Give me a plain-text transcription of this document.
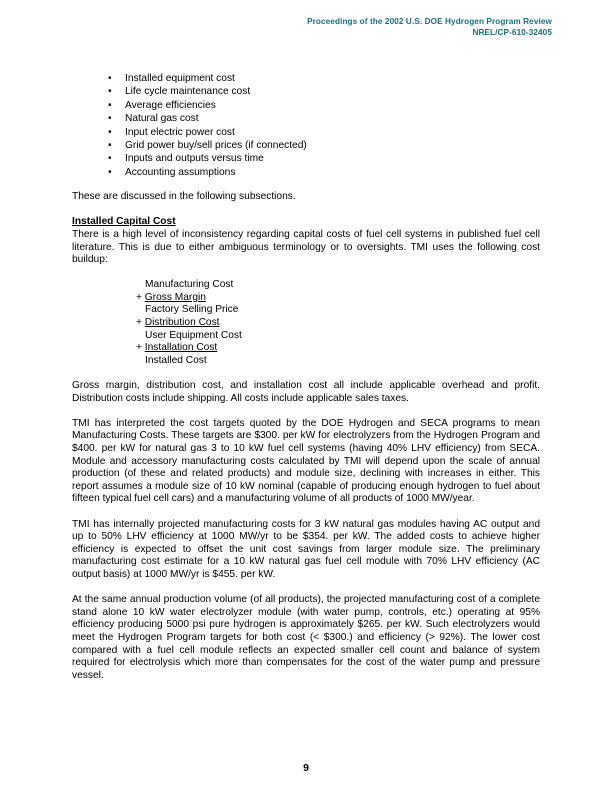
Proceedings of the 2002 U.S. DOE Hydrogen Program Review
NREL/CP-610-32405
• Installed equipment cost
• Life cycle maintenance cost
• Average efficiencies
• Natural gas cost
• Input electric power cost
• Grid power buy/sell prices (if connected)
• Inputs and outputs versus time
• Accounting assumptions

These are discussed in the following subsections.

Installed Capital Cost

There is a high level of inconsistency regarding capital costs of fuel cell systems in published fuel cell literature. This is due to either ambiguous terminology or to oversights. TMI uses the following cost buildup:

Manufacturing Cost
+ Gross Margin
Factory Selling Price
+ Distribution Cost
User Equipment Cost
+ Installation Cost
Installed Cost

Gross margin, distribution cost, and installation cost all include applicable overhead and profit. Distribution costs include shipping. All costs include applicable sales taxes.

TMI has interpreted the cost targets quoted by the DOE Hydrogen and SECA programs to mean Manufacturing Costs. These targets are $300. per kW for electrolyzers from the Hydrogen Program and $400. per kW for natural gas 3 to 10 kW fuel cell systems (having 40% LHV efficiency) from SECA. Module and accessory manufacturing costs calculated by TMI will depend upon the scale of annual production (of these and related products) and module size, declining with increases in either. This report assumes a module size of 10 kW nominal (capable of producing enough hydrogen to fuel about fifteen typical fuel cell cars) and a manufacturing volume of all products of 1000 MW/year.

TMI has internally projected manufacturing costs for 3 kW natural gas modules having AC output and up to 50% LHV efficiency at 1000 MW/yr to be $354. per kW. The added costs to achieve higher efficiency is expected to offset the unit cost savings from larger module size. The preliminary manufacturing cost estimate for a 10 kW natural gas fuel cell module with 70% LHV efficiency (AC output basis) at 1000 MW/yr is $455. per kW.

At the same annual production volume (of all products), the projected manufacturing cost of a complete stand alone 10 kW water electrolyzer module (with water pump, controls, etc.) operating at 95% efficiency producing 5000 psi pure hydrogen is approximately $265. per kW. Such electrolyzers would meet the Hydrogen Program targets for both cost (< $300.) and efficiency (> 92%). The lower cost compared with a fuel cell module reflects an expected smaller cell count and balance of system required for electrolysis which more than compensates for the cost of the water pump and pressure vessel.

9
